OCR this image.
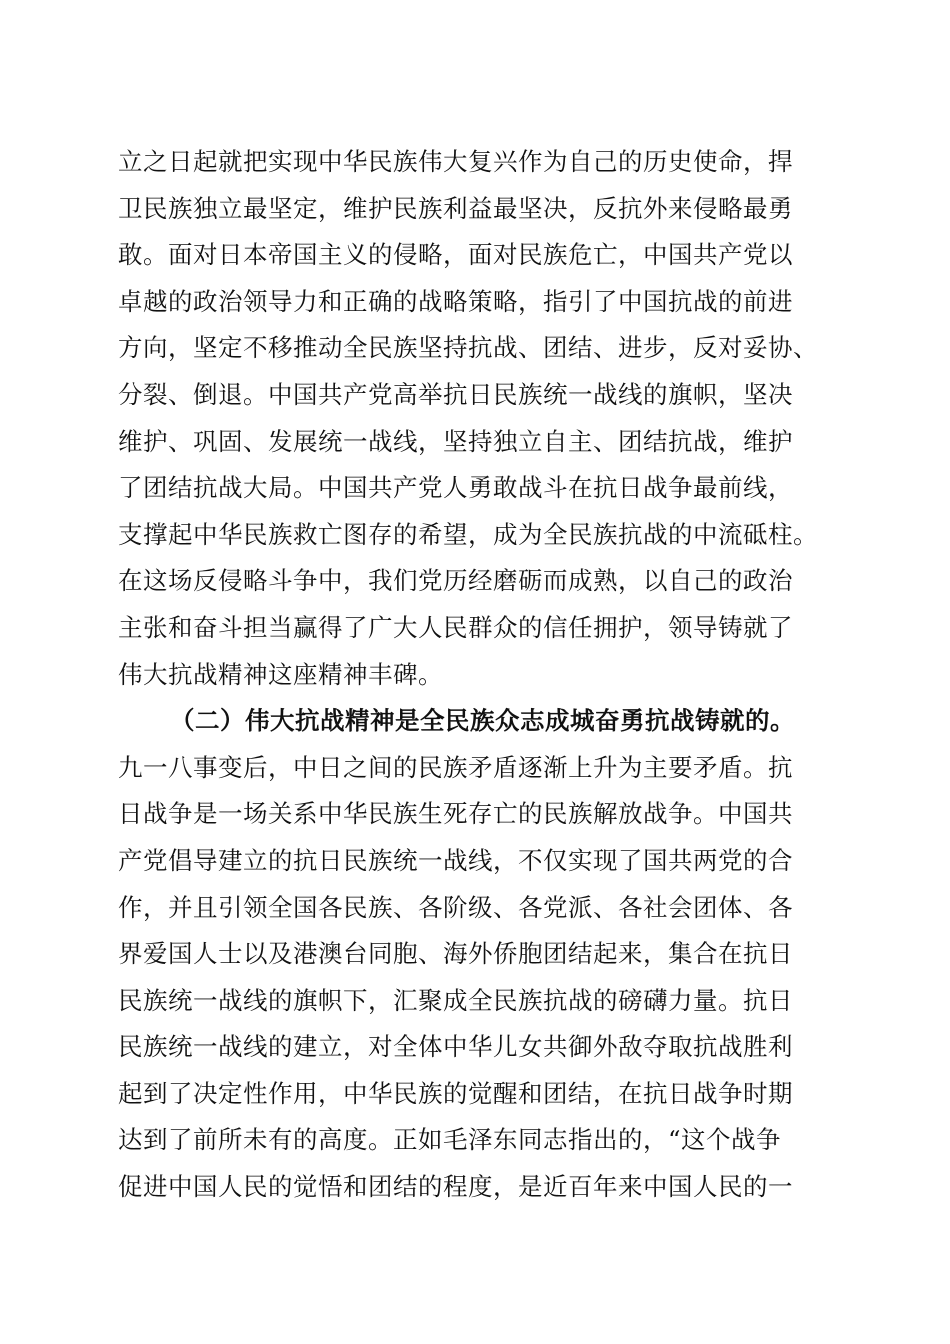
立之日起就把实现中华民族伟大复兴作为自己的历史使命，捍
卫民族独立最坚定，维护民族利益最坚决，反抗外来侵略最勇
敢。面对日本帝国主义的侵略，面对民族危亡，中国共产党以
卓越的政治领导力和正确的战略策略，指引了中国抗战的前进
方向，坚定不移推动全民族坚持抗战、团结、进步，反对妥协、
分裂、倒退。中国共产党高举抗日民族统一战线的旗帜，坚决
维护、巩固、发展统一战线，坚持独立自主、团结抗战，维护
了团结抗战大局。中国共产党人勇敢战斗在抗日战争最前线，
支撑起中华民族救亡图存的希望，成为全民族抗战的中流砥柱。
在这场反侵略斗争中，我们党历经磨砺而成熟，以自己的政治
主张和奋斗担当赢得了广大人民群众的信任拥护，领导铸就了
伟大抗战精神这座精神丰碑。
（二）伟大抗战精神是全民族众志成城奋勇抗战铸就的。
九一八事变后，中日之间的民族矛盾逐渐上升为主要矛盾。抗
日战争是一场关系中华民族生死存亡的民族解放战争。中国共
产党倡导建立的抗日民族统一战线，不仅实现了国共两党的合
作，并且引领全国各民族、各阶级、各党派、各社会团体、各
界爱国人士以及港澳台同胞、海外侨胞团结起来，集合在抗日
民族统一战线的旗帜下，汇聚成全民族抗战的磅礴力量。抗日
民族统一战线的建立，对全体中华儿女共御外敌夺取抗战胜利
起到了决定性作用，中华民族的觉醒和团结，在抗日战争时期
达到了前所未有的高度。正如毛泽东同志指出的，“这个战争
促进中国人民的觉悟和团结的程度，是近百年来中国人民的一
